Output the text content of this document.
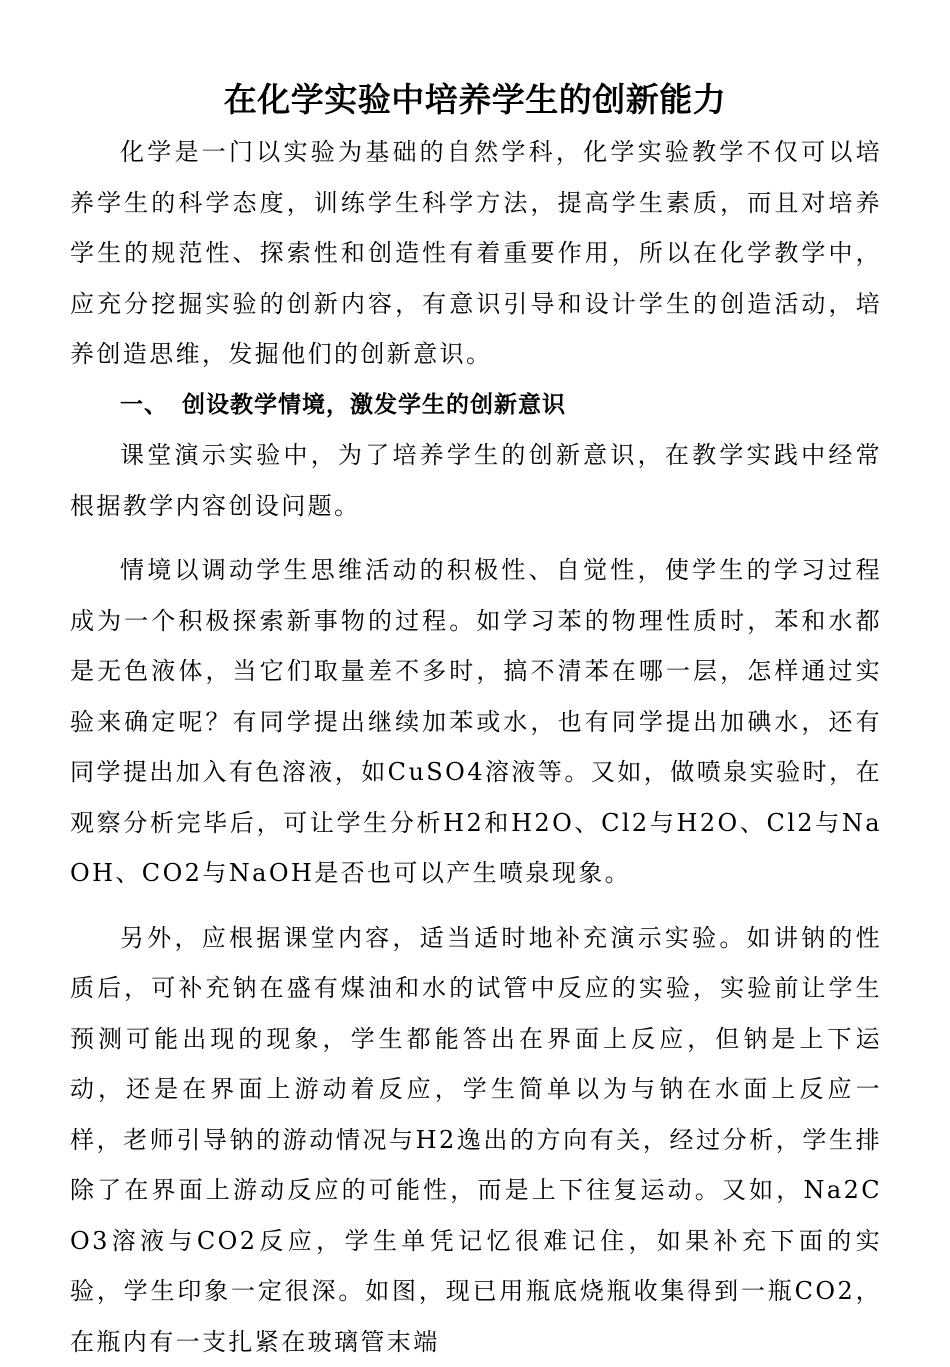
在化学实验中培养学生的创新能力

化学是一门以实验为基础的自然学科，化学实验教学不仅可以培养学生的科学态度，训练学生科学方法，提高学生素质，而且对培养学生的规范性、探索性和创造性有着重要作用，所以在化学教学中，应充分挖掘实验的创新内容，有意识引导和设计学生的创造活动，培养创造思维，发掘他们的创新意识。

一、 创设教学情境，激发学生的创新意识

课堂演示实验中，为了培养学生的创新意识，在教学实践中经常根据教学内容创设问题。

情境以调动学生思维活动的积极性、自觉性，使学生的学习过程成为一个积极探索新事物的过程。如学习苯的物理性质时，苯和水都是无色液体，当它们取量差不多时，搞不清苯在哪一层，怎样通过实验来确定呢？有同学提出继续加苯或水，也有同学提出加碘水，还有同学提出加入有色溶液，如CuSO4溶液等。又如，做喷泉实验时，在观察分析完毕后，可让学生分析H2和H2O、Cl2与H2O、Cl2与NaOH、CO2与NaOH是否也可以产生喷泉现象。

另外，应根据课堂内容，适当适时地补充演示实验。如讲钠的性质后，可补充钠在盛有煤油和水的试管中反应的实验，实验前让学生预测可能出现的现象，学生都能答出在界面上反应，但钠是上下运动，还是在界面上游动着反应，学生简单以为与钠在水面上反应一样，老师引导钠的游动情况与H2逸出的方向有关，经过分析，学生排除了在界面上游动反应的可能性，而是上下往复运动。又如，Na2CO3溶液与CO2反应，学生单凭记忆很难记住，如果补充下面的实验，学生印象一定很深。如图，现已用瓶底烧瓶收集得到一瓶CO2，在瓶内有一支扎紧在玻璃管末端
